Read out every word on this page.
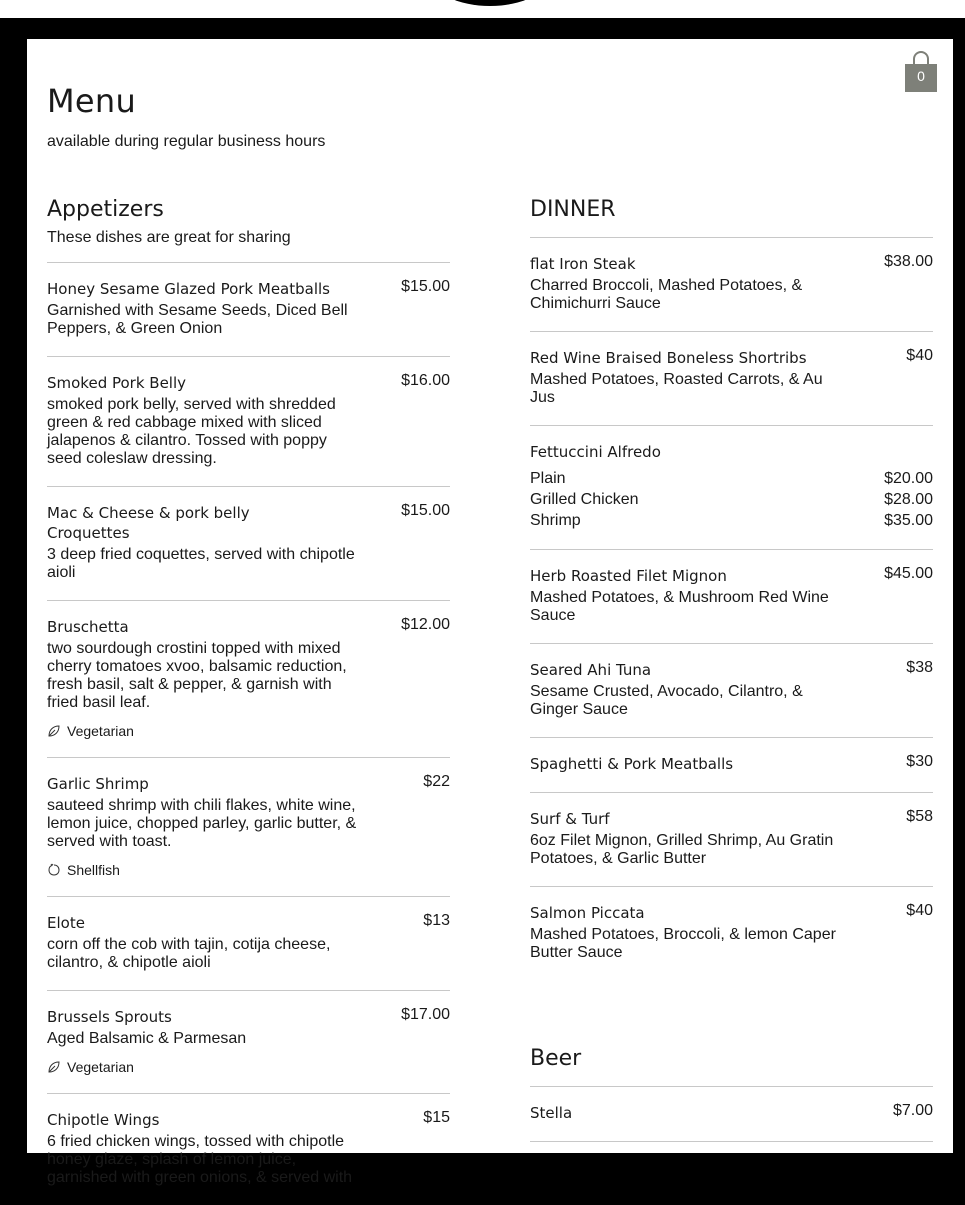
0
Menu
available during regular business hours
Appetizers
These dishes are great for sharing
Honey Sesame Glazed Pork Meatballs	$15.00
Garnished with Sesame Seeds, Diced Bell Peppers, & Green Onion
Smoked Pork Belly	$16.00
smoked pork belly, served with shredded green & red cabbage mixed with sliced jalapenos & cilantro. Tossed with poppy seed coleslaw dressing.
Mac & Cheese & pork belly Croquettes
$15.00
3 deep fried coquettes, served with chipotle aioli
Bruschetta	$12.00
two sourdough crostini topped with mixed cherry tomatoes xvoo, balsamic reduction, fresh basil, salt & pepper, & garnish with fried basil leaf.
Vegetarian
Garlic Shrimp	$22
sauteed shrimp with chili flakes, white wine, lemon juice, chopped parley, garlic butter, & served with toast.
Shellfish
Elote	$13
corn off the cob with tajin, cotija cheese, cilantro, & chipotle aioli
Brussels Sprouts	$17.00
Aged Balsamic & Parmesan
Vegetarian
Chipotle Wings	$15
6 fried chicken wings, tossed with chipotle honey glaze, splash of lemon juice, garnished with green onions, & served with
DINNER
flat Iron Steak	$38.00
Charred Broccoli, Mashed Potatoes, & Chimichurri Sauce
Red Wine Braised Boneless Shortribs	$40
Mashed Potatoes, Roasted Carrots, & Au Jus
Fettuccini Alfredo
Plain	$20.00
Grilled Chicken	$28.00
Shrimp	$35.00
Herb Roasted Filet Mignon	$45.00
Mashed Potatoes, & Mushroom Red Wine Sauce
Seared Ahi Tuna	$38
Sesame Crusted, Avocado, Cilantro, & Ginger Sauce
Spaghetti & Pork Meatballs	$30
Surf & Turf	$58
6oz Filet Mignon, Grilled Shrimp, Au Gratin Potatoes, & Garlic Butter
Salmon Piccata	$40
Mashed Potatoes, Broccoli, & lemon Caper Butter Sauce
Beer
Stella	$7.00
